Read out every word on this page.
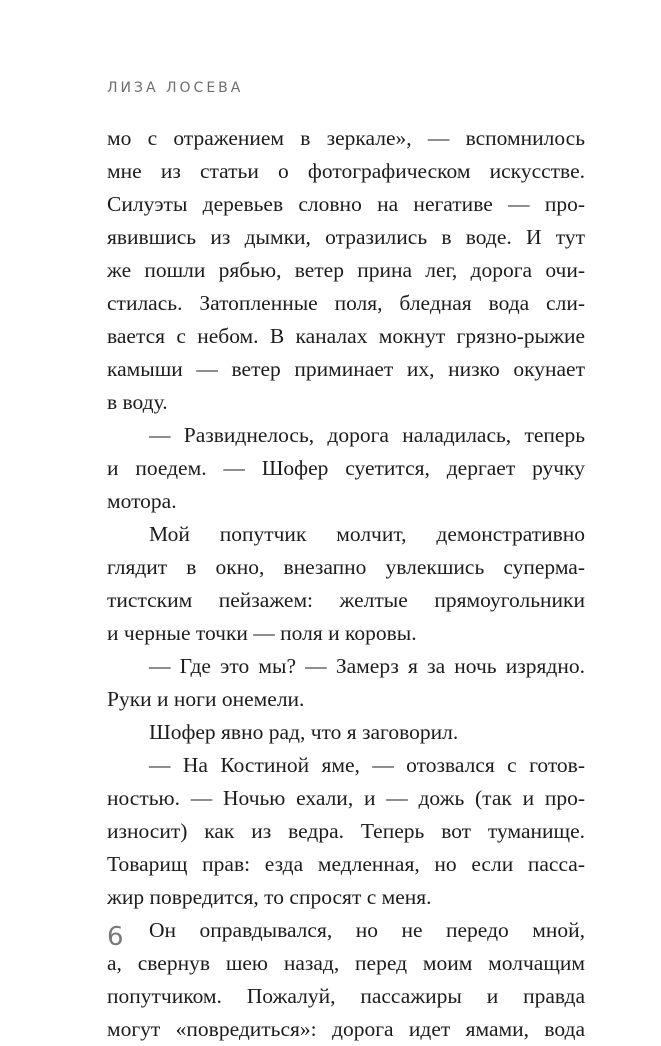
ЛИЗА ЛОСЕВА
мо с отражением в зеркале», — вспомнилось
мне из статьи о фотографическом искусстве.
Силуэты деревьев словно на негативе — про-
явившись из дымки, отразились в воде. И тут
же пошли рябью, ветер прина лег, дорога очи-
стилась. Затопленные поля, бледная вода сли-
вается с небом. В каналах мокнут грязно-рыжие
камыши — ветер приминает их, низко окунает
в воду.
— Развиднелось, дорога наладилась, теперь
и поедем. — Шофер суетится, дергает ручку
мотора.
Мой попутчик молчит, демонстративно
глядит в окно, внезапно увлекшись суперма-
тистским пейзажем: желтые прямоугольники
и черные точки — поля и коровы.
— Где это мы? — Замерз я за ночь изрядно.
Руки и ноги онемели.
Шофер явно рад, что я заговорил.
— На Костиной яме, — отозвался с готов-
ностью. — Ночью ехали, и — дожь (так и про-
износит) как из ведра. Теперь вот туманище.
Товарищ прав: езда медленная, но если пасса-
жир повредится, то спросят с меня.
Он оправдывался, но не передо мной,
а, свернув шею назад, перед моим молчащим
попутчиком. Пожалуй, пассажиры и правда
могут «повредиться»: дорога идет ямами, вода
6
